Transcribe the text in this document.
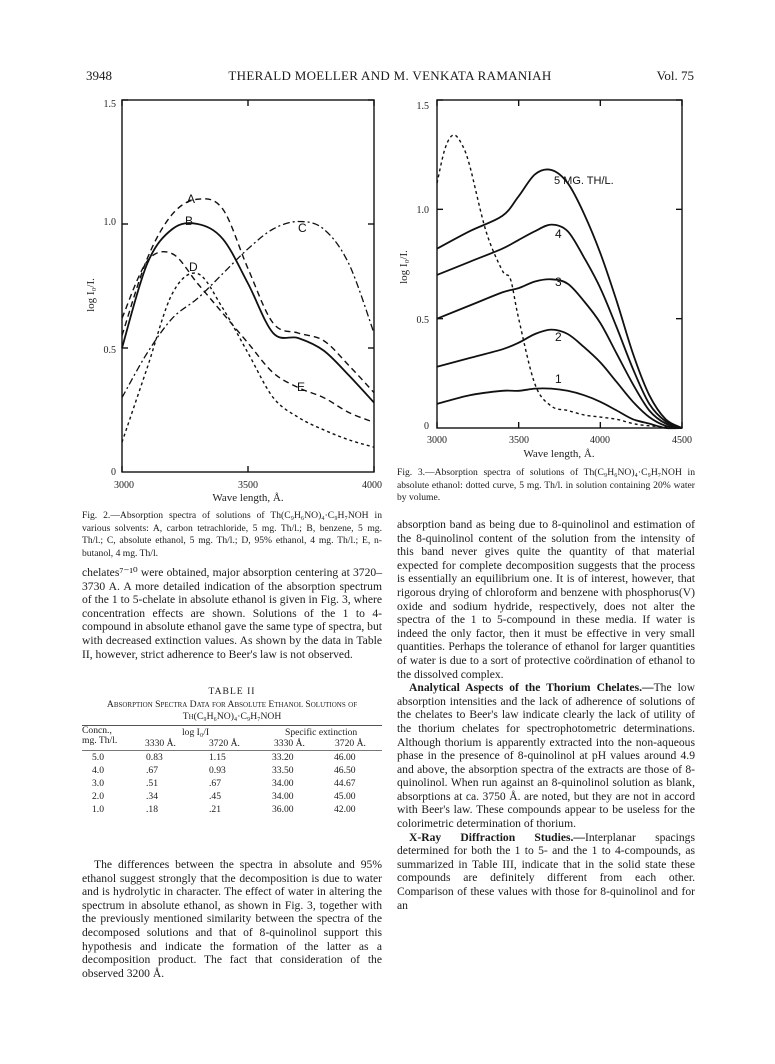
3948	THERALD MOELLER AND M. VENKATA RAMANIAH	Vol. 75
1.5
1.0
0.5
0
A
B	C
D
E
3000	3500	4000
Wave length, Å.
log I₀/I.
Fig. 2.—Absorption spectra of solutions of Th(C₉H₆NO)₄·C₉H₇NOH in various solvents: A, carbon tetrachloride, 5 mg. Th/l.; B, benzene, 5 mg. Th/l.; C, absolute ethanol, 5 mg. Th/l.; D, 95% ethanol, 4 mg. Th/l.; E, n-butanol, 4 mg. Th/l.
1.5
1.0
0.5
0
5 MG. TH/L.
4
3
2
1
3000	3500	4000	4500
Wave length, Å.
log I₀/I.
Fig. 3.—Absorption spectra of solutions of Th(C₉H₆NO)₄·C₉H₇NOH in absolute ethanol: dotted curve, 5 mg. Th/l. in solution containing 20% water by volume.

chelates⁷⁻¹⁰ were obtained, major absorption centering at 3720–3730 A. A more detailed indication of the absorption spectrum of the 1 to 5-chelate in absolute ethanol is given in Fig. 3, where concentration effects are shown. Solutions of the 1 to 4-compound in absolute ethanol gave the same type of spectra, but with decreased extinction values. As shown by the data in Table II, however, strict adherence to Beer's law is not observed.

TABLE II
Absorption Spectra Data for Absolute Ethanol Solutions of Th(C₉H₆NO)₄·C₉H₇NOH
log I₀/I	Specific extinction
Concn., mg. Th/l.	3330 Å.	3720 Å.	3330 Å.	3720 Å.
5.0	0.83	1.15	33.20	46.00
4.0	.67	0.93	33.50	46.50
3.0	.51	.67	34.00	44.67
2.0	.34	.45	34.00	45.00
1.0	.18	.21	36.00	42.00

The differences between the spectra in absolute and 95% ethanol suggest strongly that the decomposition is due to water and is hydrolytic in character. The effect of water in altering the spectrum in absolute ethanol, as shown in Fig. 3, together with the previously mentioned similarity between the spectra of the decomposed solutions and that of 8-quinolinol support this hypothesis and indicate the formation of the latter as a decomposition product. The fact that consideration of the observed 3200 Å.

absorption band as being due to 8-quinolinol and estimation of the 8-quinolinol content of the solution from the intensity of this band never gives quite the quantity of that material expected for complete decomposition suggests that the process is essentially an equilibrium one. It is of interest, however, that rigorous drying of chloroform and benzene with phosphorus(V) oxide and sodium hydride, respectively, does not alter the spectra of the 1 to 5-compound in these media. If water is indeed the only factor, then it must be effective in very small quantities. Perhaps the tolerance of ethanol for larger quantities of water is due to a sort of protective coördination of ethanol to the dissolved complex.

Analytical Aspects of the Thorium Chelates.—The low absorption intensities and the lack of adherence of solutions of the chelates to Beer's law indicate clearly the lack of utility of the thorium chelates for spectrophotometric determinations. Although thorium is apparently extracted into the non-aqueous phase in the presence of 8-quinolinol at pH values around 4.9 and above, the absorption spectra of the extracts are those of 8-quinolinol. When run against an 8-quinolinol solution as blank, absorptions at ca. 3750 Å. are noted, but they are not in accord with Beer's law. These compounds appear to be useless for the colorimetric determination of thorium.

X-Ray Diffraction Studies.—Interplanar spacings determined for both the 1 to 5- and the 1 to 4-compounds, as summarized in Table III, indicate that in the solid state these compounds are definitely different from each other. Comparison of these values with those for 8-quinolinol and for an
